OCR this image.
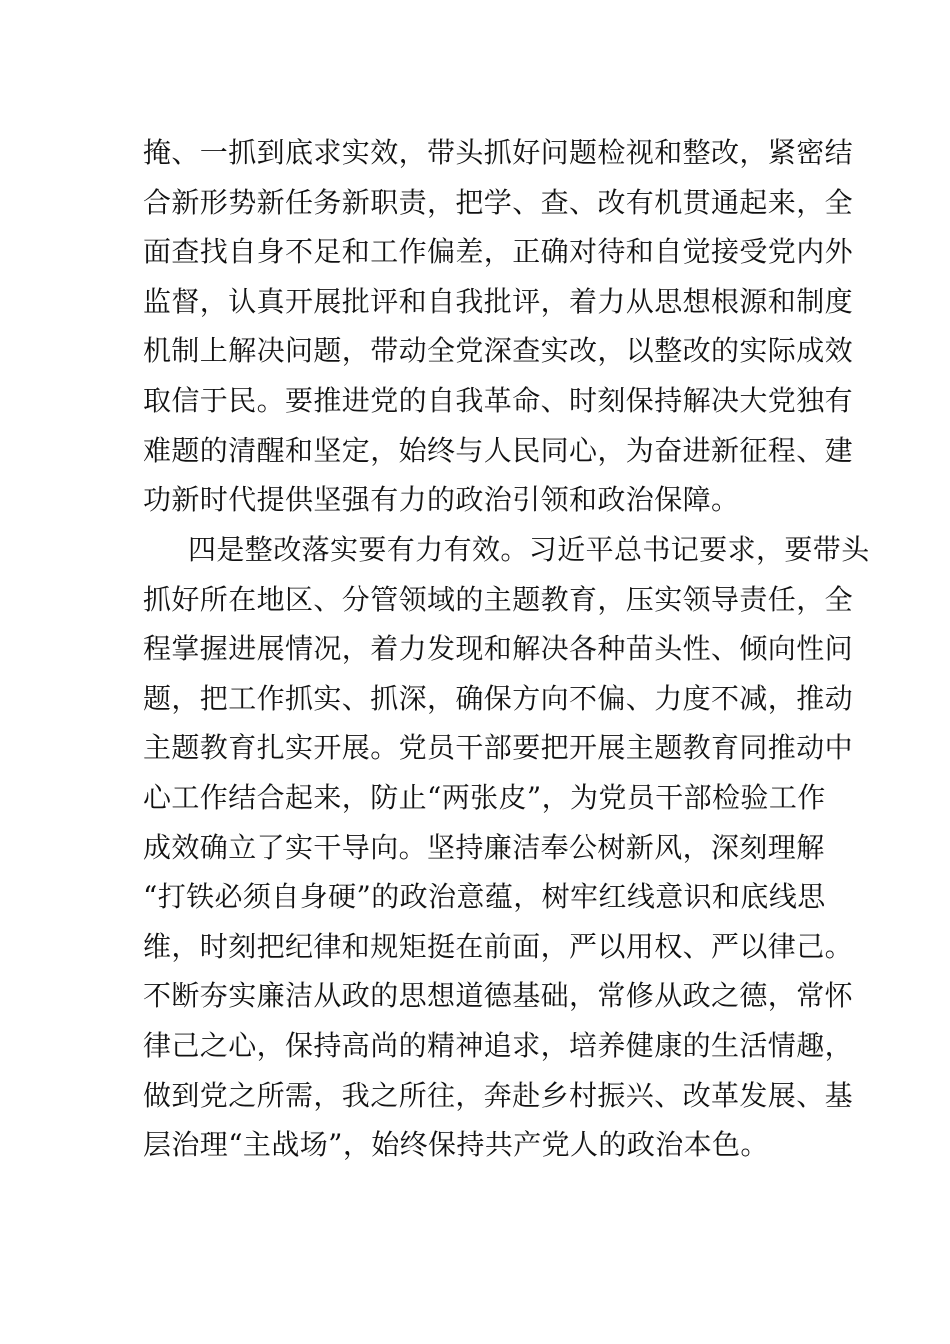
掩、一抓到底求实效，带头抓好问题检视和整改，紧密结
合新形势新任务新职责，把学、查、改有机贯通起来，全
面查找自身不足和工作偏差，正确对待和自觉接受党内外
监督，认真开展批评和自我批评，着力从思想根源和制度
机制上解决问题，带动全党深查实改，以整改的实际成效
取信于民。要推进党的自我革命、时刻保持解决大党独有
难题的清醒和坚定，始终与人民同心，为奋进新征程、建
功新时代提供坚强有力的政治引领和政治保障。
四是整改落实要有力有效。习近平总书记要求，要带头
抓好所在地区、分管领域的主题教育，压实领导责任，全
程掌握进展情况，着力发现和解决各种苗头性、倾向性问
题，把工作抓实、抓深，确保方向不偏、力度不减，推动
主题教育扎实开展。党员干部要把开展主题教育同推动中
心工作结合起来，防止“两张皮”，为党员干部检验工作
成效确立了实干导向。坚持廉洁奉公树新风，深刻理解
“打铁必须自身硬”的政治意蕴，树牢红线意识和底线思
维，时刻把纪律和规矩挺在前面，严以用权、严以律己。
不断夯实廉洁从政的思想道德基础，常修从政之德，常怀
律己之心，保持高尚的精神追求，培养健康的生活情趣，
做到党之所需，我之所往，奔赴乡村振兴、改革发展、基
层治理“主战场”，始终保持共产党人的政治本色。
